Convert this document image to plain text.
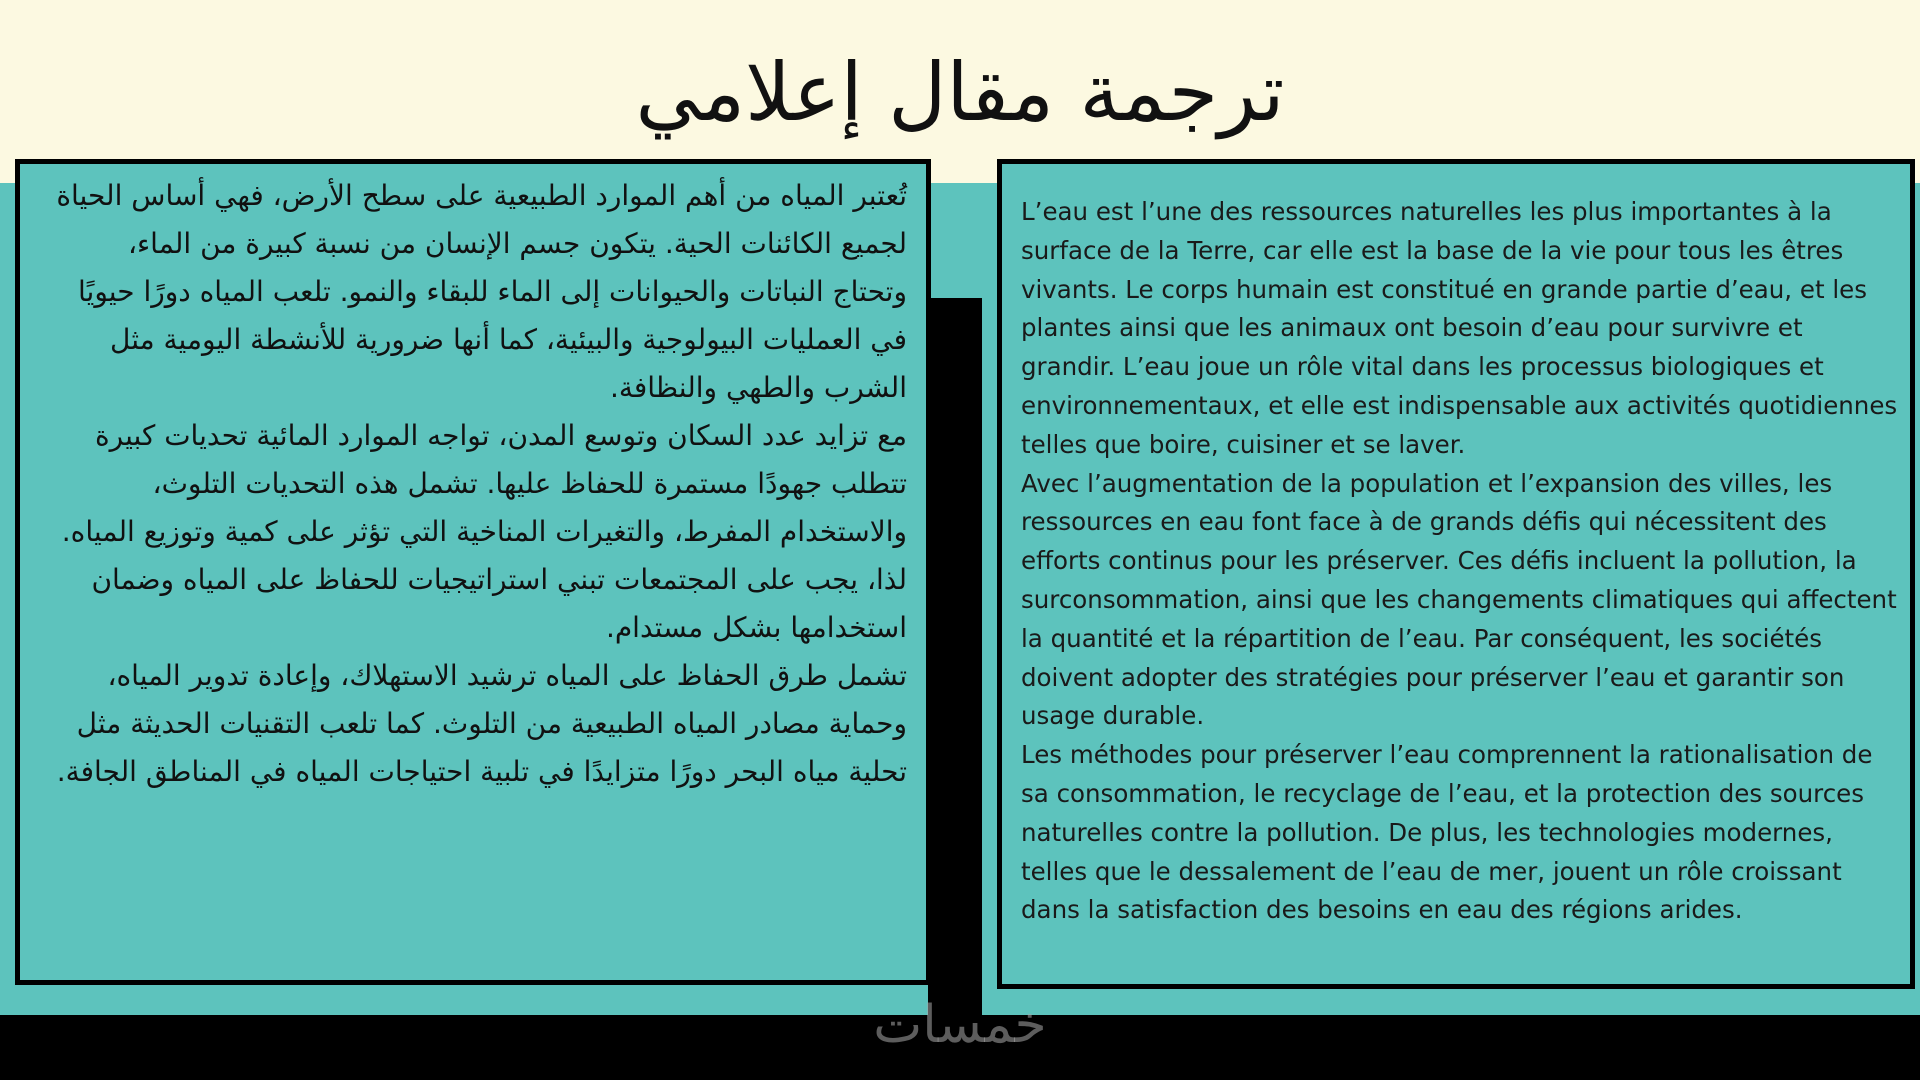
ترجمة مقال إعلامي

تُعتبر المياه من أهم الموارد الطبيعية على سطح الأرض، فهي أساس الحياة لجميع الكائنات الحية. يتكون جسم الإنسان من نسبة كبيرة من الماء، وتحتاج النباتات والحيوانات إلى الماء للبقاء والنمو. تلعب المياه دورًا حيويًا في العمليات البيولوجية والبيئية، كما أنها ضرورية للأنشطة اليومية مثل الشرب والطهي والنظافة.

مع تزايد عدد السكان وتوسع المدن، تواجه الموارد المائية تحديات كبيرة تتطلب جهودًا مستمرة للحفاظ عليها. تشمل هذه التحديات التلوث، والاستخدام المفرط، والتغيرات المناخية التي تؤثر على كمية وتوزيع المياه. لذا، يجب على المجتمعات تبني استراتيجيات للحفاظ على المياه وضمان استخدامها بشكل مستدام.

تشمل طرق الحفاظ على المياه ترشيد الاستهلاك، وإعادة تدوير المياه، وحماية مصادر المياه الطبيعية من التلوث. كما تلعب التقنيات الحديثة مثل تحلية مياه البحر دورًا متزايدًا في تلبية احتياجات المياه في المناطق الجافة.

L’eau est l’une des ressources naturelles les plus importantes à la surface de la Terre, car elle est la base de la vie pour tous les êtres vivants. Le corps humain est constitué en grande partie d’eau, et les plantes ainsi que les animaux ont besoin d’eau pour survivre et grandir. L’eau joue un rôle vital dans les processus biologiques et environnementaux, et elle est indispensable aux activités quotidiennes telles que boire, cuisiner et se laver.

Avec l’augmentation de la population et l’expansion des villes, les ressources en eau font face à de grands défis qui nécessitent des efforts continus pour les préserver. Ces défis incluent la pollution, la surconsommation, ainsi que les changements climatiques qui affectent la quantité et la répartition de l’eau. Par conséquent, les sociétés doivent adopter des stratégies pour préserver l’eau et garantir son usage durable.

Les méthodes pour préserver l’eau comprennent la rationalisation de sa consommation, le recyclage de l’eau, et la protection des sources naturelles contre la pollution. De plus, les technologies modernes, telles que le dessalement de l’eau de mer, jouent un rôle croissant dans la satisfaction des besoins en eau des régions arides.

خمسات
